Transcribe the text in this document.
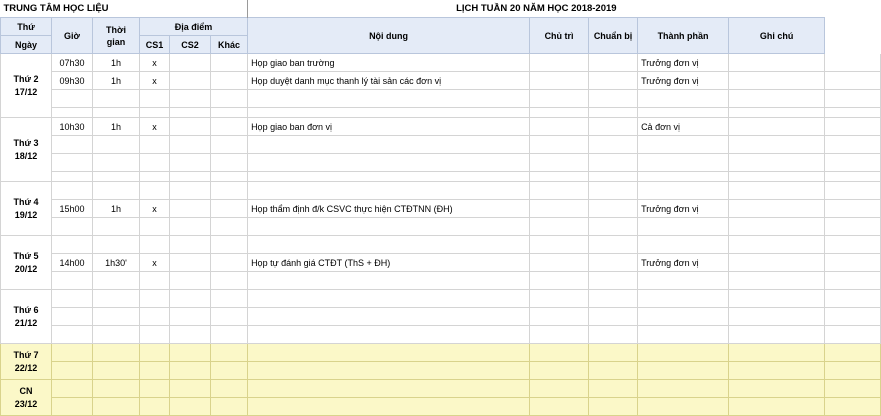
TRUNG TÂM HỌC LIỆU						LỊCH TUẦN 20 NĂM HỌC 2018-2019					
Thứ	Giờ	Thời gian	Địa điểm			Nội dung	Chủ trì	Chuẩn bị	Thành phần	Ghi chú	
Ngày			CS1	CS2	Khác						
Thứ 2
17/12	07h30	1h	x			Họp giao ban trường			Trưởng đơn vị		
	09h30	1h	x			Họp duyệt danh mục thanh lý tài sản các đơn vị			Trưởng đơn vị		

Thứ 3
18/12	10h30	1h	x			Họp giao ban đơn vị			Cả đơn vị		

Thứ 4
19/12											
	15h00	1h	x			Họp thẩm định đ/k CSVC thực hiện CTĐTNN (ĐH)			Trưởng đơn vị		

Thứ 5
20/12											
	14h00	1h30'	x			Họp tự đánh giá CTĐT (ThS + ĐH)			Trưởng đơn vị		

Thứ 6
21/12											

Thứ 7
22/12											

CN
23/12											
